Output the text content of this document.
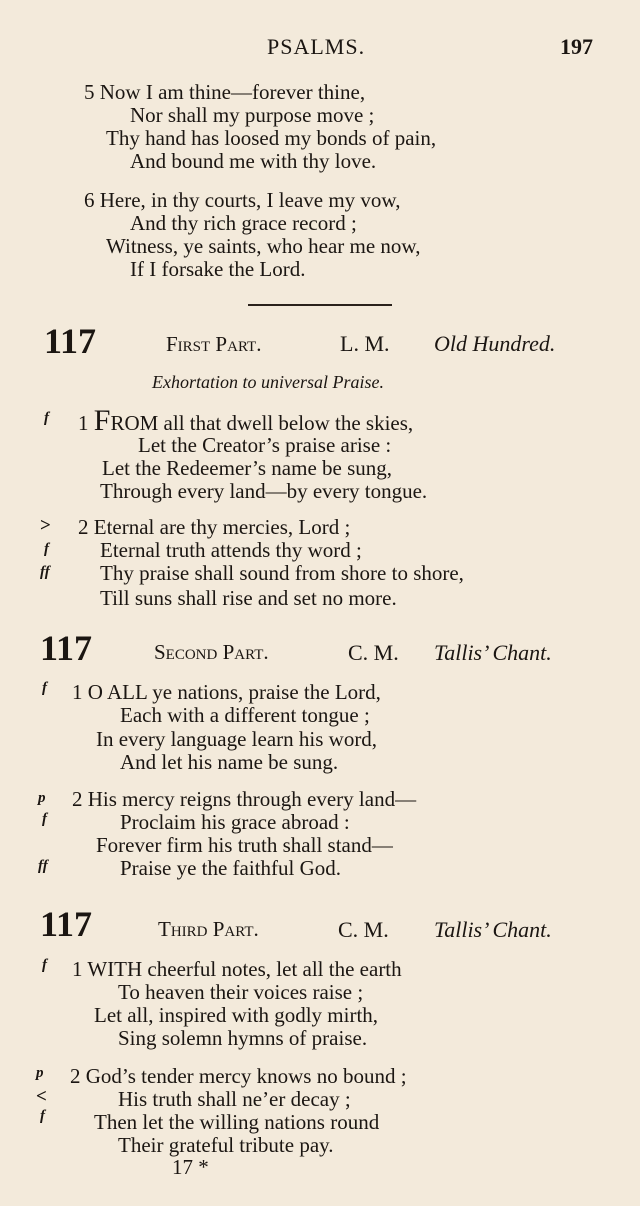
PSALMS.	197
5 Now I am thine—forever thine,
Nor shall my purpose move ;
Thy hand has loosed my bonds of pain,
And bound me with thy love.
6 Here, in thy courts, I leave my vow,
And thy rich grace record ;
Witness, ye saints, who hear me now,
If I forsake the Lord.
117	First Part.	L. M. Old Hundred.
Exhortation to universal Praise.
f 1 FROM all that dwell below the skies,
Let the Creator’s praise arise :
Let the Redeemer’s name be sung,
Through every land—by every tongue.
>
f
ff
2 Eternal are thy mercies, Lord ;
Eternal truth attends thy word ;
Thy praise shall sound from shore to shore,
Till suns shall rise and set no more.
117	Second Part.	C. M. Tallis’ Chant.
f 1 O ALL ye nations, praise the Lord,
Each with a different tongue ;
In every language learn his word,
And let his name be sung.
p
f
ff
2 His mercy reigns through every land—
Proclaim his grace abroad :
Forever firm his truth shall stand—
Praise ye the faithful God.
117	Third Part.	C. M. Tallis’ Chant.
f 1 WITH cheerful notes, let all the earth
To heaven their voices raise ;
Let all, inspired with godly mirth,
Sing solemn hymns of praise.
p
<
f
2 God’s tender mercy knows no bound ;
His truth shall ne’er decay ;
Then let the willing nations round
Their grateful tribute pay.
17 *
